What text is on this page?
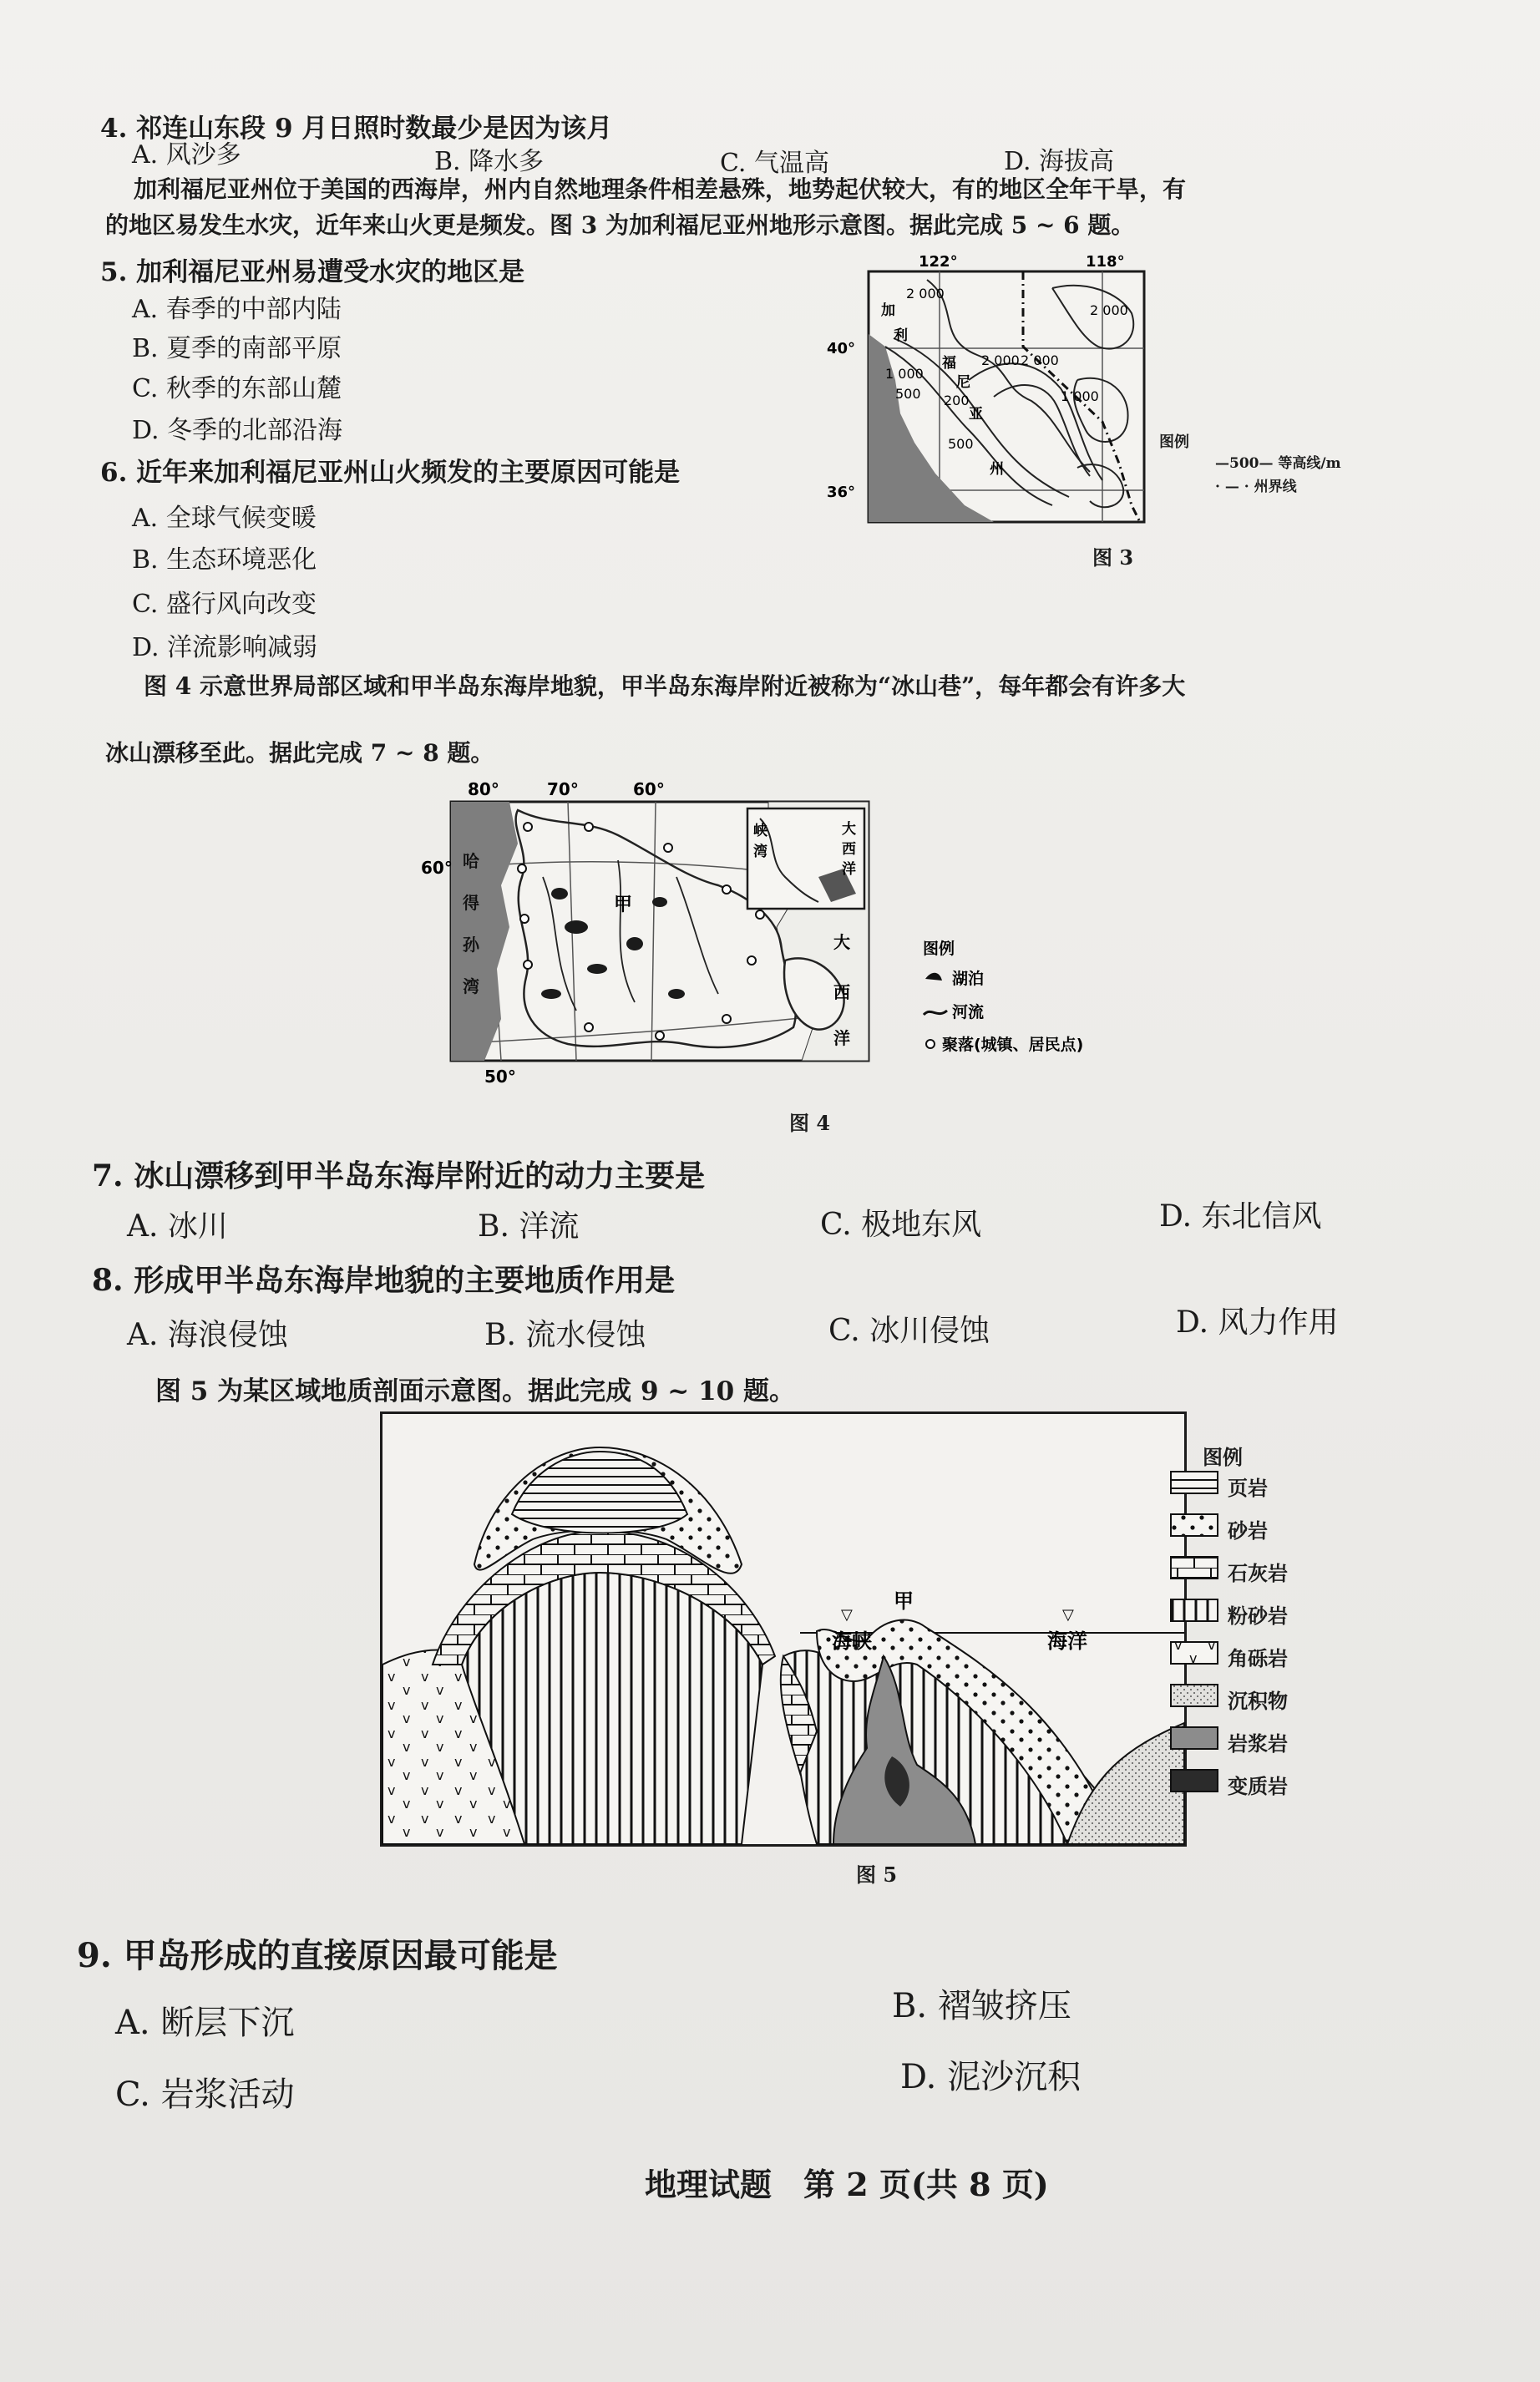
4. 祁连山东段 9 月日照时数最少是因为该月
A. 风沙多	B. 降水多	C. 气温高	D. 海拔高
加利福尼亚州位于美国的西海岸，州内自然地理条件相差悬殊，地势起伏较大，有的地区全年干旱，有
的地区易发生水灾，近年来山火更是频发。图 3 为加利福尼亚州地形示意图。据此完成 5 ~ 6 题。
5. 加利福尼亚州易遭受水灾的地区是
A. 春季的中部内陆
B. 夏季的南部平原
C. 秋季的东部山麓
D. 冬季的北部沿海
6. 近年来加利福尼亚州山火频发的主要原因可能是
A. 全球气候变暖
B. 生态环境恶化
C. 盛行风向改变
D. 洋流影响减弱
122°	118°
40°
36°
2 000
1 000
500 200
2 000 2 000
1 000
500
2 000
加
利
福
尼
亚
州
图例
—500— 等高线/m
· — · 州界线
图 3
图 4 示意世界局部区域和甲半岛东海岸地貌，甲半岛东海岸附近被称为“冰山巷”，每年都会有许多大
冰山漂移至此。据此完成 7 ~ 8 题。
80°	70°	60°
60°
50°
哈
得
孙
湾
甲
大
西
洋
峡
湾
大
西
洋
图例
湖泊
河流
聚落(城镇、居民点)
图 4
7. 冰山漂移到甲半岛东海岸附近的动力主要是
A. 冰川	B. 洋流	C. 极地东风	D. 东北信风
8. 形成甲半岛东海岸地貌的主要地质作用是
A. 海浪侵蚀	B. 流水侵蚀	C. 冰川侵蚀	D. 风力作用
图 5 为某区域地质剖面示意图。据此完成 9 ~ 10 题。
▽	▽
海峡
甲
海洋
图例
页岩
砂岩
石灰岩
粉砂岩
角砾岩
沉积物
岩浆岩
变质岩
图 5
9. 甲岛形成的直接原因最可能是
A. 断层下沉	B. 褶皱挤压
C. 岩浆活动	D. 泥沙沉积
地理试题　第 2 页(共 8 页)
